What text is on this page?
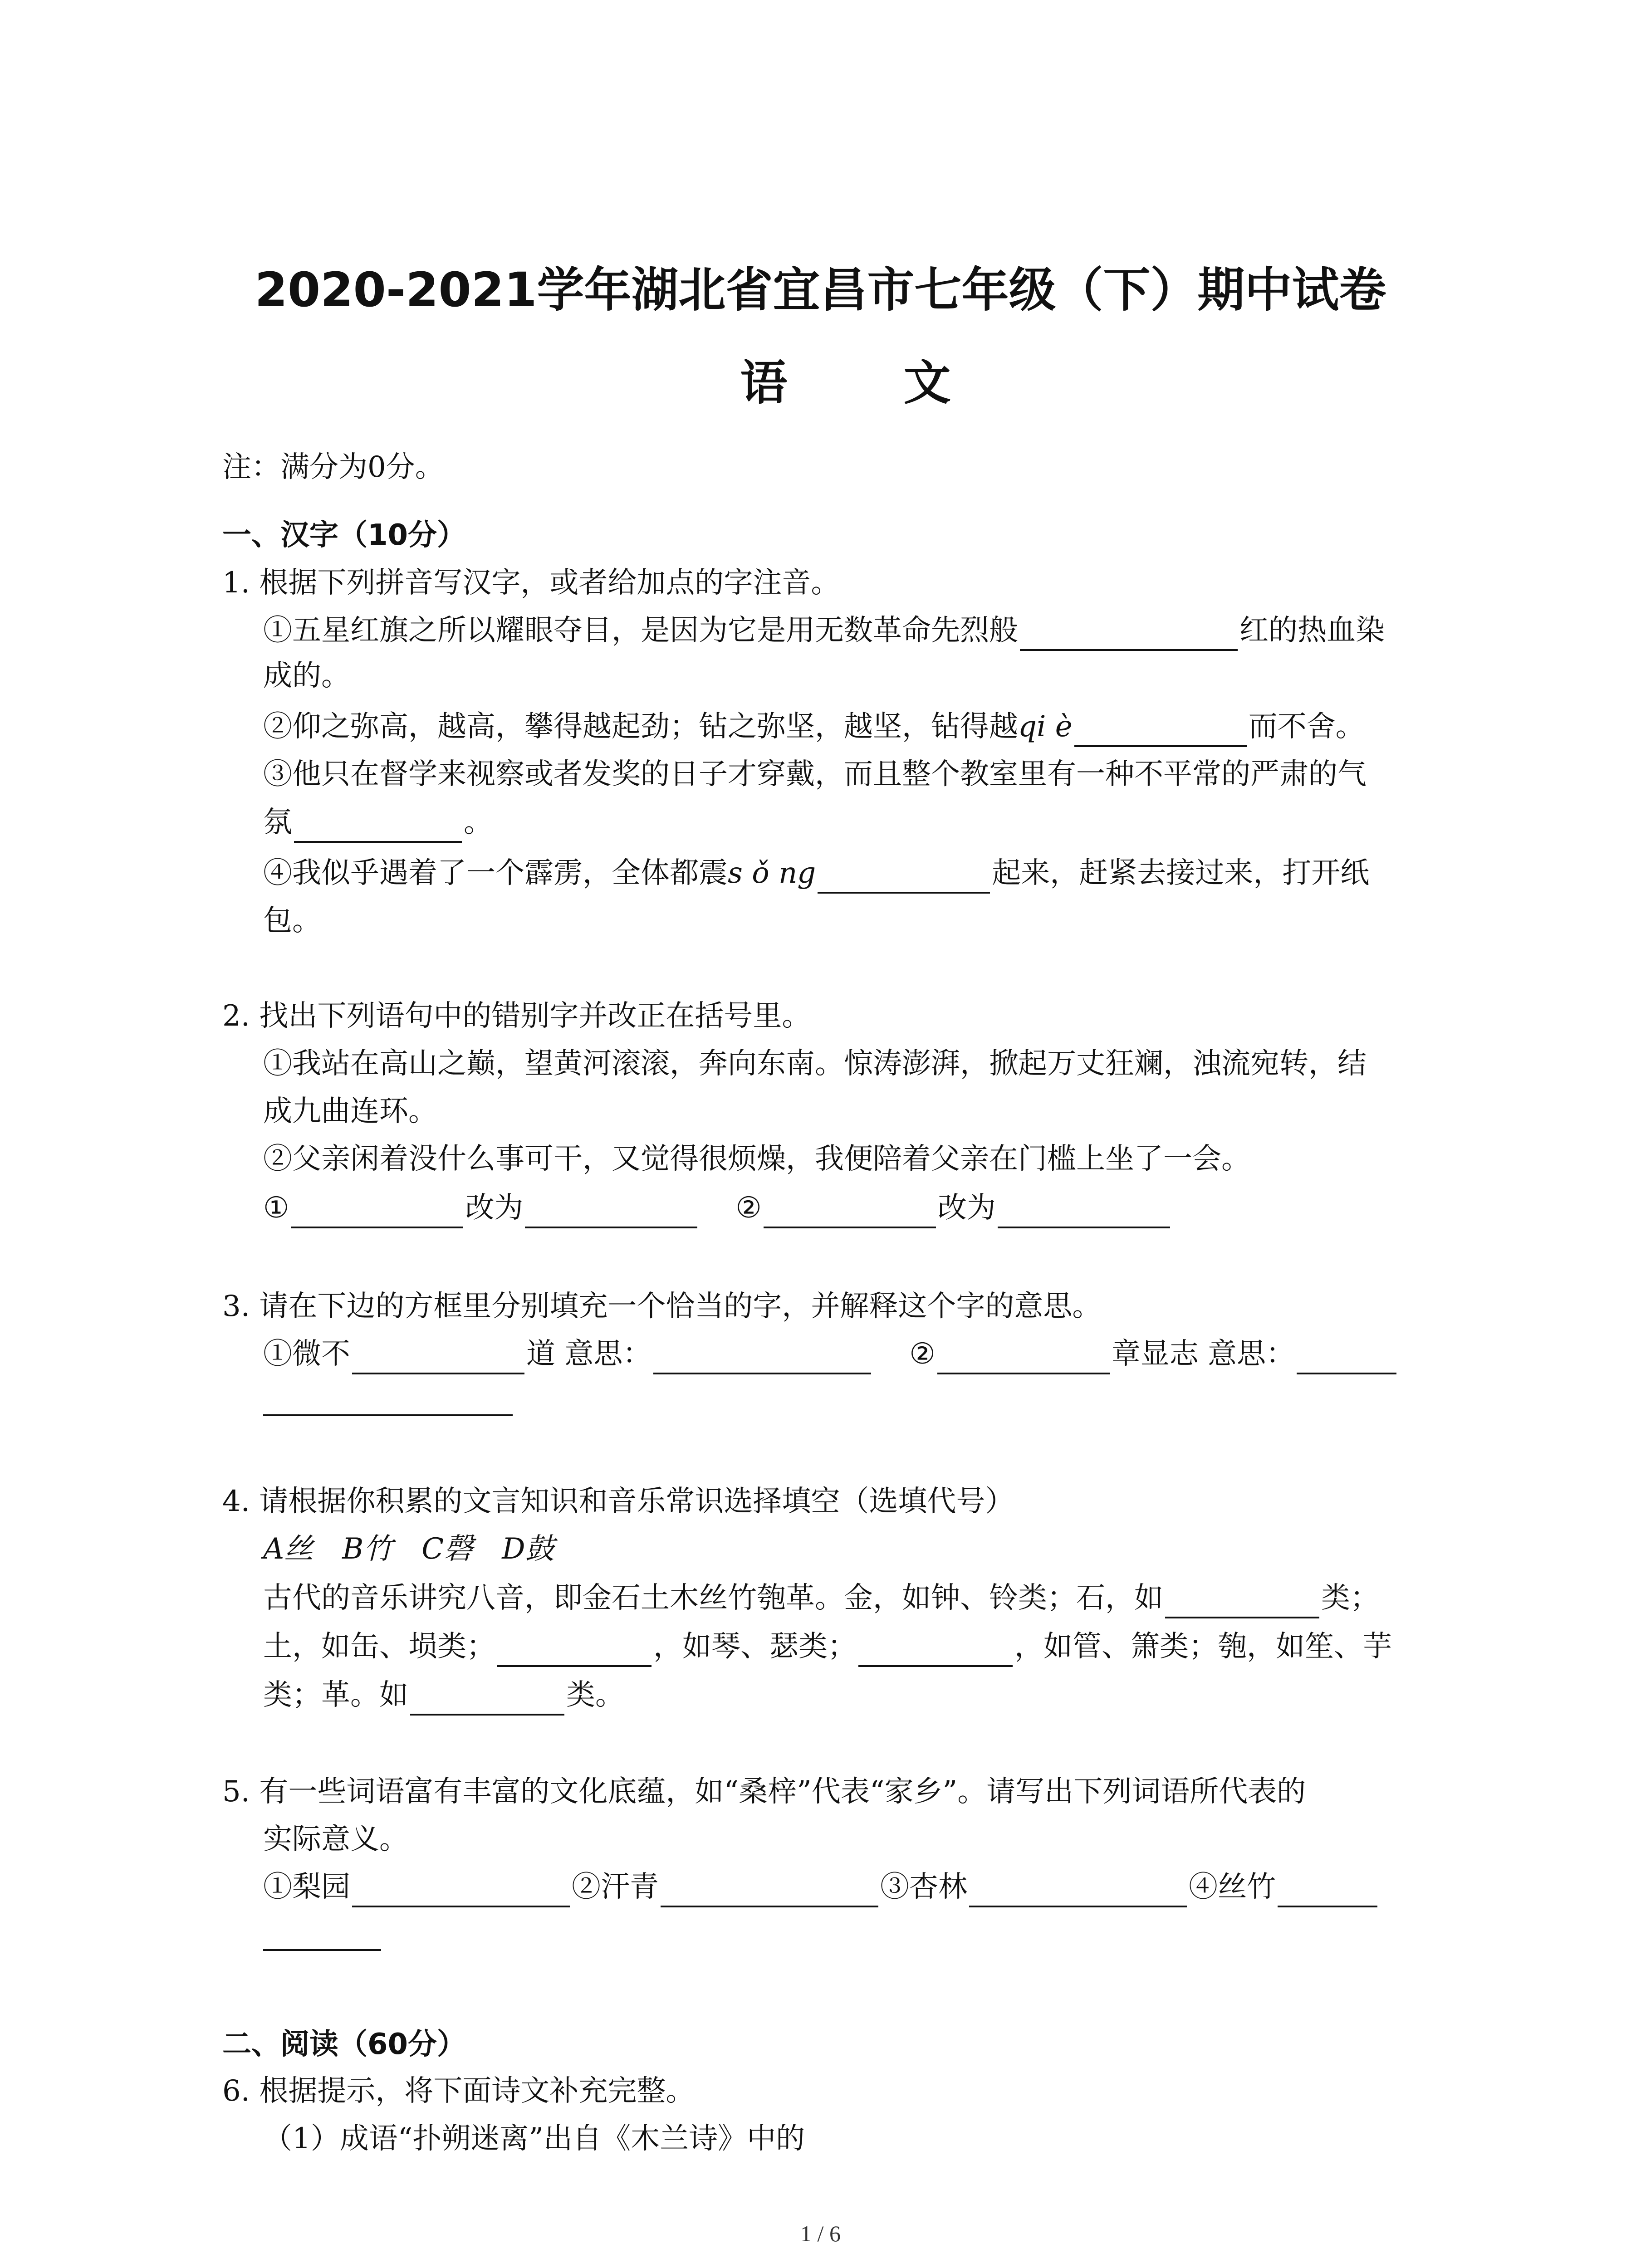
2020-2021学年湖北省宜昌市七年级（下）期中试卷
语 文
注：满分为0分。
一、汉字（10分）
1. 根据下列拼音写汉字，或者给加点的字注音。
①五星红旗之所以耀眼夺目，是因为它是用无数革命先烈般	红的热血染
成的。
②仰之弥高，越高，攀得越起劲；钻之弥坚，越坚，钻得越qi è	而不舍。
③他只在督学来视察或者发奖的日子才穿戴，而且整个教室里有一种不平常的严肃的气
氛	。
④我似乎遇着了一个霹雳，全体都震s ǒ ng	起来，赶紧去接过来，打开纸
包。
2. 找出下列语句中的错别字并改正在括号里。
①我站在高山之巅，望黄河滚滚，奔向东南。惊涛澎湃，掀起万丈狂斓，浊流宛转，结
成九曲连环。
②父亲闲着没什么事可干，又觉得很烦燥，我便陪着父亲在门槛上坐了一会。
①	改为	②	改为
3. 请在下边的方框里分别填充一个恰当的字，并解释这个字的意思。
①微不	道 意思：	②	章显志 意思：
4. 请根据你积累的文言知识和音乐常识选择填空（选填代号）
A丝　B竹　C磬　D鼓
古代的音乐讲究八音，即金石土木丝竹匏革。金，如钟、铃类；石，如	类；
土，如缶、埙类；	，如琴、瑟类；	，如管、箫类；匏，如笙、芋
类；革。如	类。
5. 有一些词语富有丰富的文化底蕴，如“桑梓”代表“家乡”。请写出下列词语所代表的
实际意义。
①梨园	②汗青	③杏林	④丝竹
二、阅读（60分）
6. 根据提示，将下面诗文补充完整。
（1）成语“扑朔迷离”出自《木兰诗》中的
1 / 6
